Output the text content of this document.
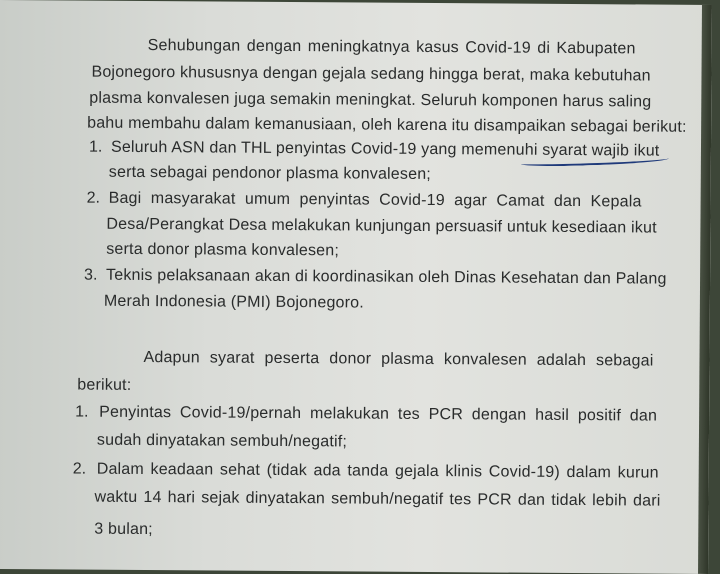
Sehubungan dengan meningkatnya kasus Covid-19 di Kabupaten
Bojonegoro khususnya dengan gejala sedang hingga berat, maka kebutuhan
plasma konvalesen juga semakin meningkat. Seluruh komponen harus saling
bahu membahu dalam kemanusiaan, oleh karena itu disampaikan sebagai berikut:
1. Seluruh ASN dan THL penyintas Covid-19 yang memenuhi syarat wajib ikut
serta sebagai pendonor plasma konvalesen;
2. Bagi masyarakat umum penyintas Covid-19 agar Camat dan Kepala
Desa/Perangkat Desa melakukan kunjungan persuasif untuk kesediaan ikut
serta donor plasma konvalesen;
3. Teknis pelaksanaan akan di koordinasikan oleh Dinas Kesehatan dan Palang
Merah Indonesia (PMI) Bojonegoro.
Adapun syarat peserta donor plasma konvalesen adalah sebagai
berikut:
1. Penyintas Covid-19/pernah melakukan tes PCR dengan hasil positif dan
sudah dinyatakan sembuh/negatif;
2. Dalam keadaan sehat (tidak ada tanda gejala klinis Covid-19) dalam kurun
waktu 14 hari sejak dinyatakan sembuh/negatif tes PCR dan tidak lebih dari
3 bulan;
